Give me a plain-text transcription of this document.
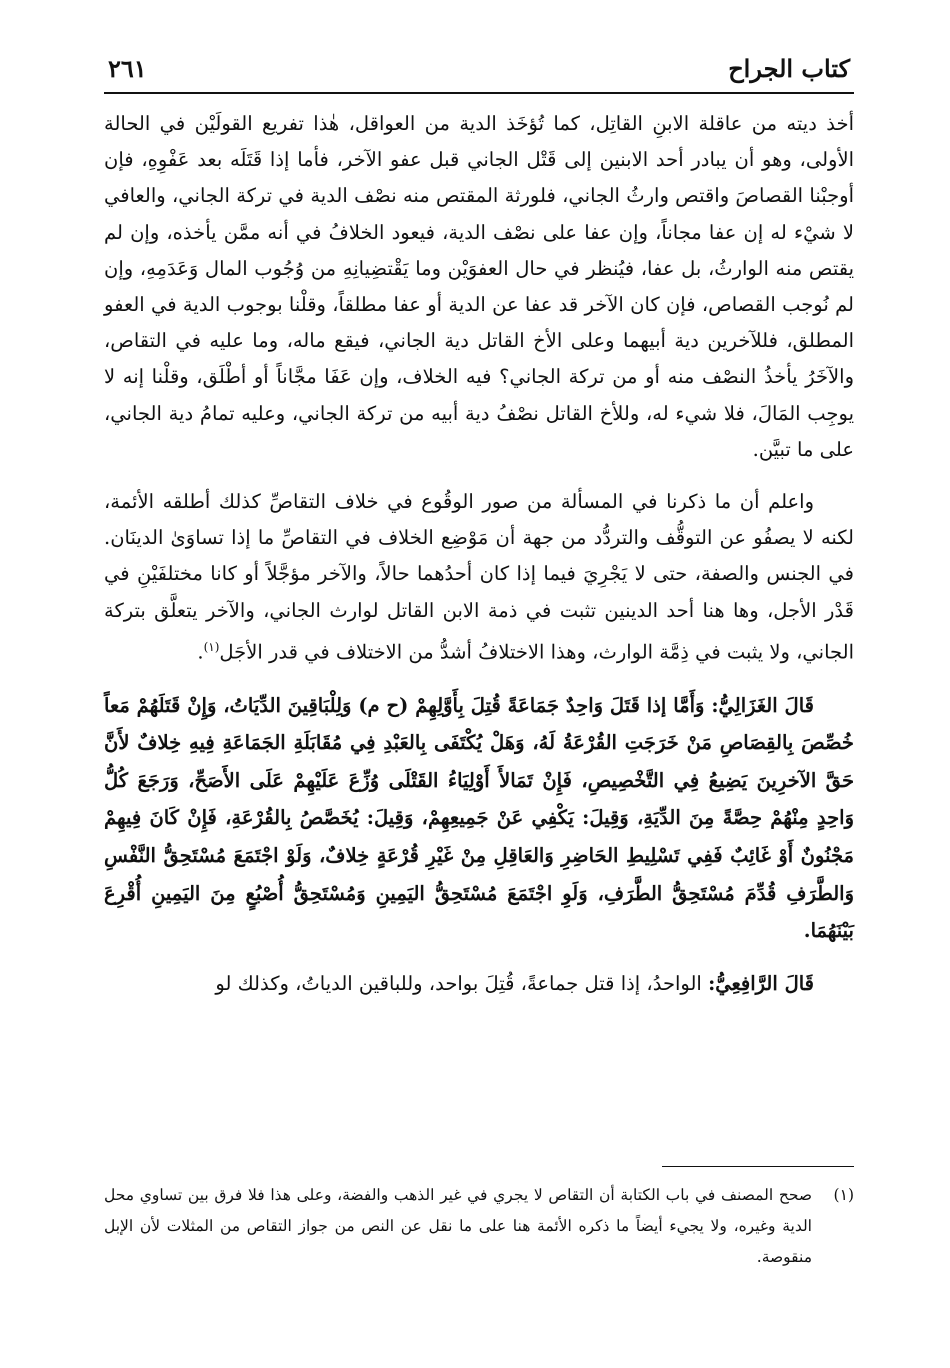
كتاب الجراح
٢٦١

أخذ ديته من عاقلة الابنِ القاتِل، كما تُؤخَذ الدية من العواقل، هٰذا تفريع القولَيْن في الحالة الأولى، وهو أن يبادر أحد الابنين إلى قَتْل الجاني قبل عفو الآخر، فأما إذا قَتَلَه بعد عَفْوِهِ، فإن أوجبْنا القصاصَ واقتص وارثُ الجاني، فلورثة المقتص منه نصْف الدية في تركة الجاني، والعافي لا شيْء له إن عفا مجاناً، وإن عفا على نصْف الدية، فيعود الخلافُ في أنه ممَّن يأخذه، وإن لم يقتص منه الوارثُ، بل عفا، فيُنظر في حال العفوَيْن وما يَقْتضِيانِهِ من وُجُوب المال وَعَدَمِهِ، وإن لم نُوجب القصاص، فإن كان الآخر قد عفا عن الدية أو عفا مطلقاً، وقلْنا بوجوب الدية في العفو المطلق، فللآخرين دية أبيهما وعلى الأخ القاتل دية الجاني، فيقع ماله، وما عليه في التقاص، والآخَرُ يأخذُ النصْف منه أو من تركة الجاني؟ فيه الخلاف، وإن عَفَا مجَّاناً أو أطْلَق، وقلْنا إنه لا يوجِب المَالَ، فلا شيء له، وللأخ القاتل نصْفُ دية أبيه من تركة الجاني، وعليه تمامُ دية الجاني، على ما تبيَّن.

واعلم أن ما ذكرنا في المسألة من صور الوقُوع في خلاف التقاصِّ كذلك أطلقه الأئمة، لكنه لا يصفُو عن التوقُّف والتردُّد من جهة أن مَوْضِع الخلاف في التقاصِّ ما إذا تساوَىٰ الدينَان. في الجنس والصفة، حتى لا يَجْرِيَ فيما إذا كان أحدُهما حالاً، والآخر مؤجَّلاً أو كانا مختلفَيْنِ في قَدْر الأجل، وها هنا أحد الدينين تثبت في ذمة الابن القاتل لوارث الجاني، والآخر يتعلَّق بتركة الجاني، ولا يثبت في ذِمَّة الوارث، وهذا الاختلافُ أشدُّ من الاختلاف في قدر الأجَل$^{(١)}$.

قَالَ الغَزَالِيُّ: وَأَمَّا إذا قَتَلَ وَاحِدٌ جَمَاعَةً قُتِلَ بِأَوَّلِهِمْ (ح م) وَلِلْبَاقِينَ الدِّيَاتُ، وَإِنْ قَتَلَهُمْ مَعاً خُصِّصَ بِالقِصَاصِ مَنْ خَرَجَتِ القُرْعَةُ لَهُ، وَهَلْ يُكْتَفَى بِالعَبْدِ فِي مُقَابَلَةِ الجَمَاعَةِ فِيهِ خِلافٌ لأَنَّ حَقَّ الآخرِينَ يَضِيعُ فِي التَّخْصِيصِ، فَإِنْ تَمَالأَ أَوْلِيَاءُ القَتْلَى وُزِّعَ عَلَيْهِمْ عَلَى الأَصَحِّ، وَرَجَعَ كُلُّ وَاحِدٍ مِنْهُمْ حِصَّةً مِنَ الدِّيَةِ، وَقِيلَ: يَكْفِي عَنْ جَمِيعِهِمْ، وَقِيلَ: يُخَصَّصُ بِالقُرْعَةِ، فَإِنْ كَانَ فِيهِمْ مَجْنُونٌ أَوْ غَائِبٌ فَفِي تَسْلِيطِ الحَاضِرِ وَالعَاقِلِ مِنْ غَيْرِ قُرْعَةٍ خِلافٌ، وَلَوْ اجْتَمَعَ مُسْتَحِقُّ النَّفْسِ وَالطَّرَفِ قُدِّمَ مُسْتَحِقُّ الطَّرَفِ، وَلَوِ اجْتَمَعَ مُسْتَحِقُّ اليَمِينِ وَمُسْتَحِقُّ أُصْبُعٍ مِنَ اليَمِينِ أُقْرِعَ بَيْنَهُمَا.

قَالَ الرَّافِعِيُّ: الواحدُ، إذا قتل جماعةً، قُتِلَ بواحد، وللباقين الدياتُ، وكذلك لو

(١)
صحح المصنف في باب الكتابة أن التقاص لا يجري في غير الذهب والفضة، وعلى هذا فلا فرق بين تساوي محل الدية وغيره، ولا يجيء أيضاً ما ذكره الأئمة هنا على ما نقل عن النص من جواز التقاص من المثلات لأن الإبل منقوصة.
